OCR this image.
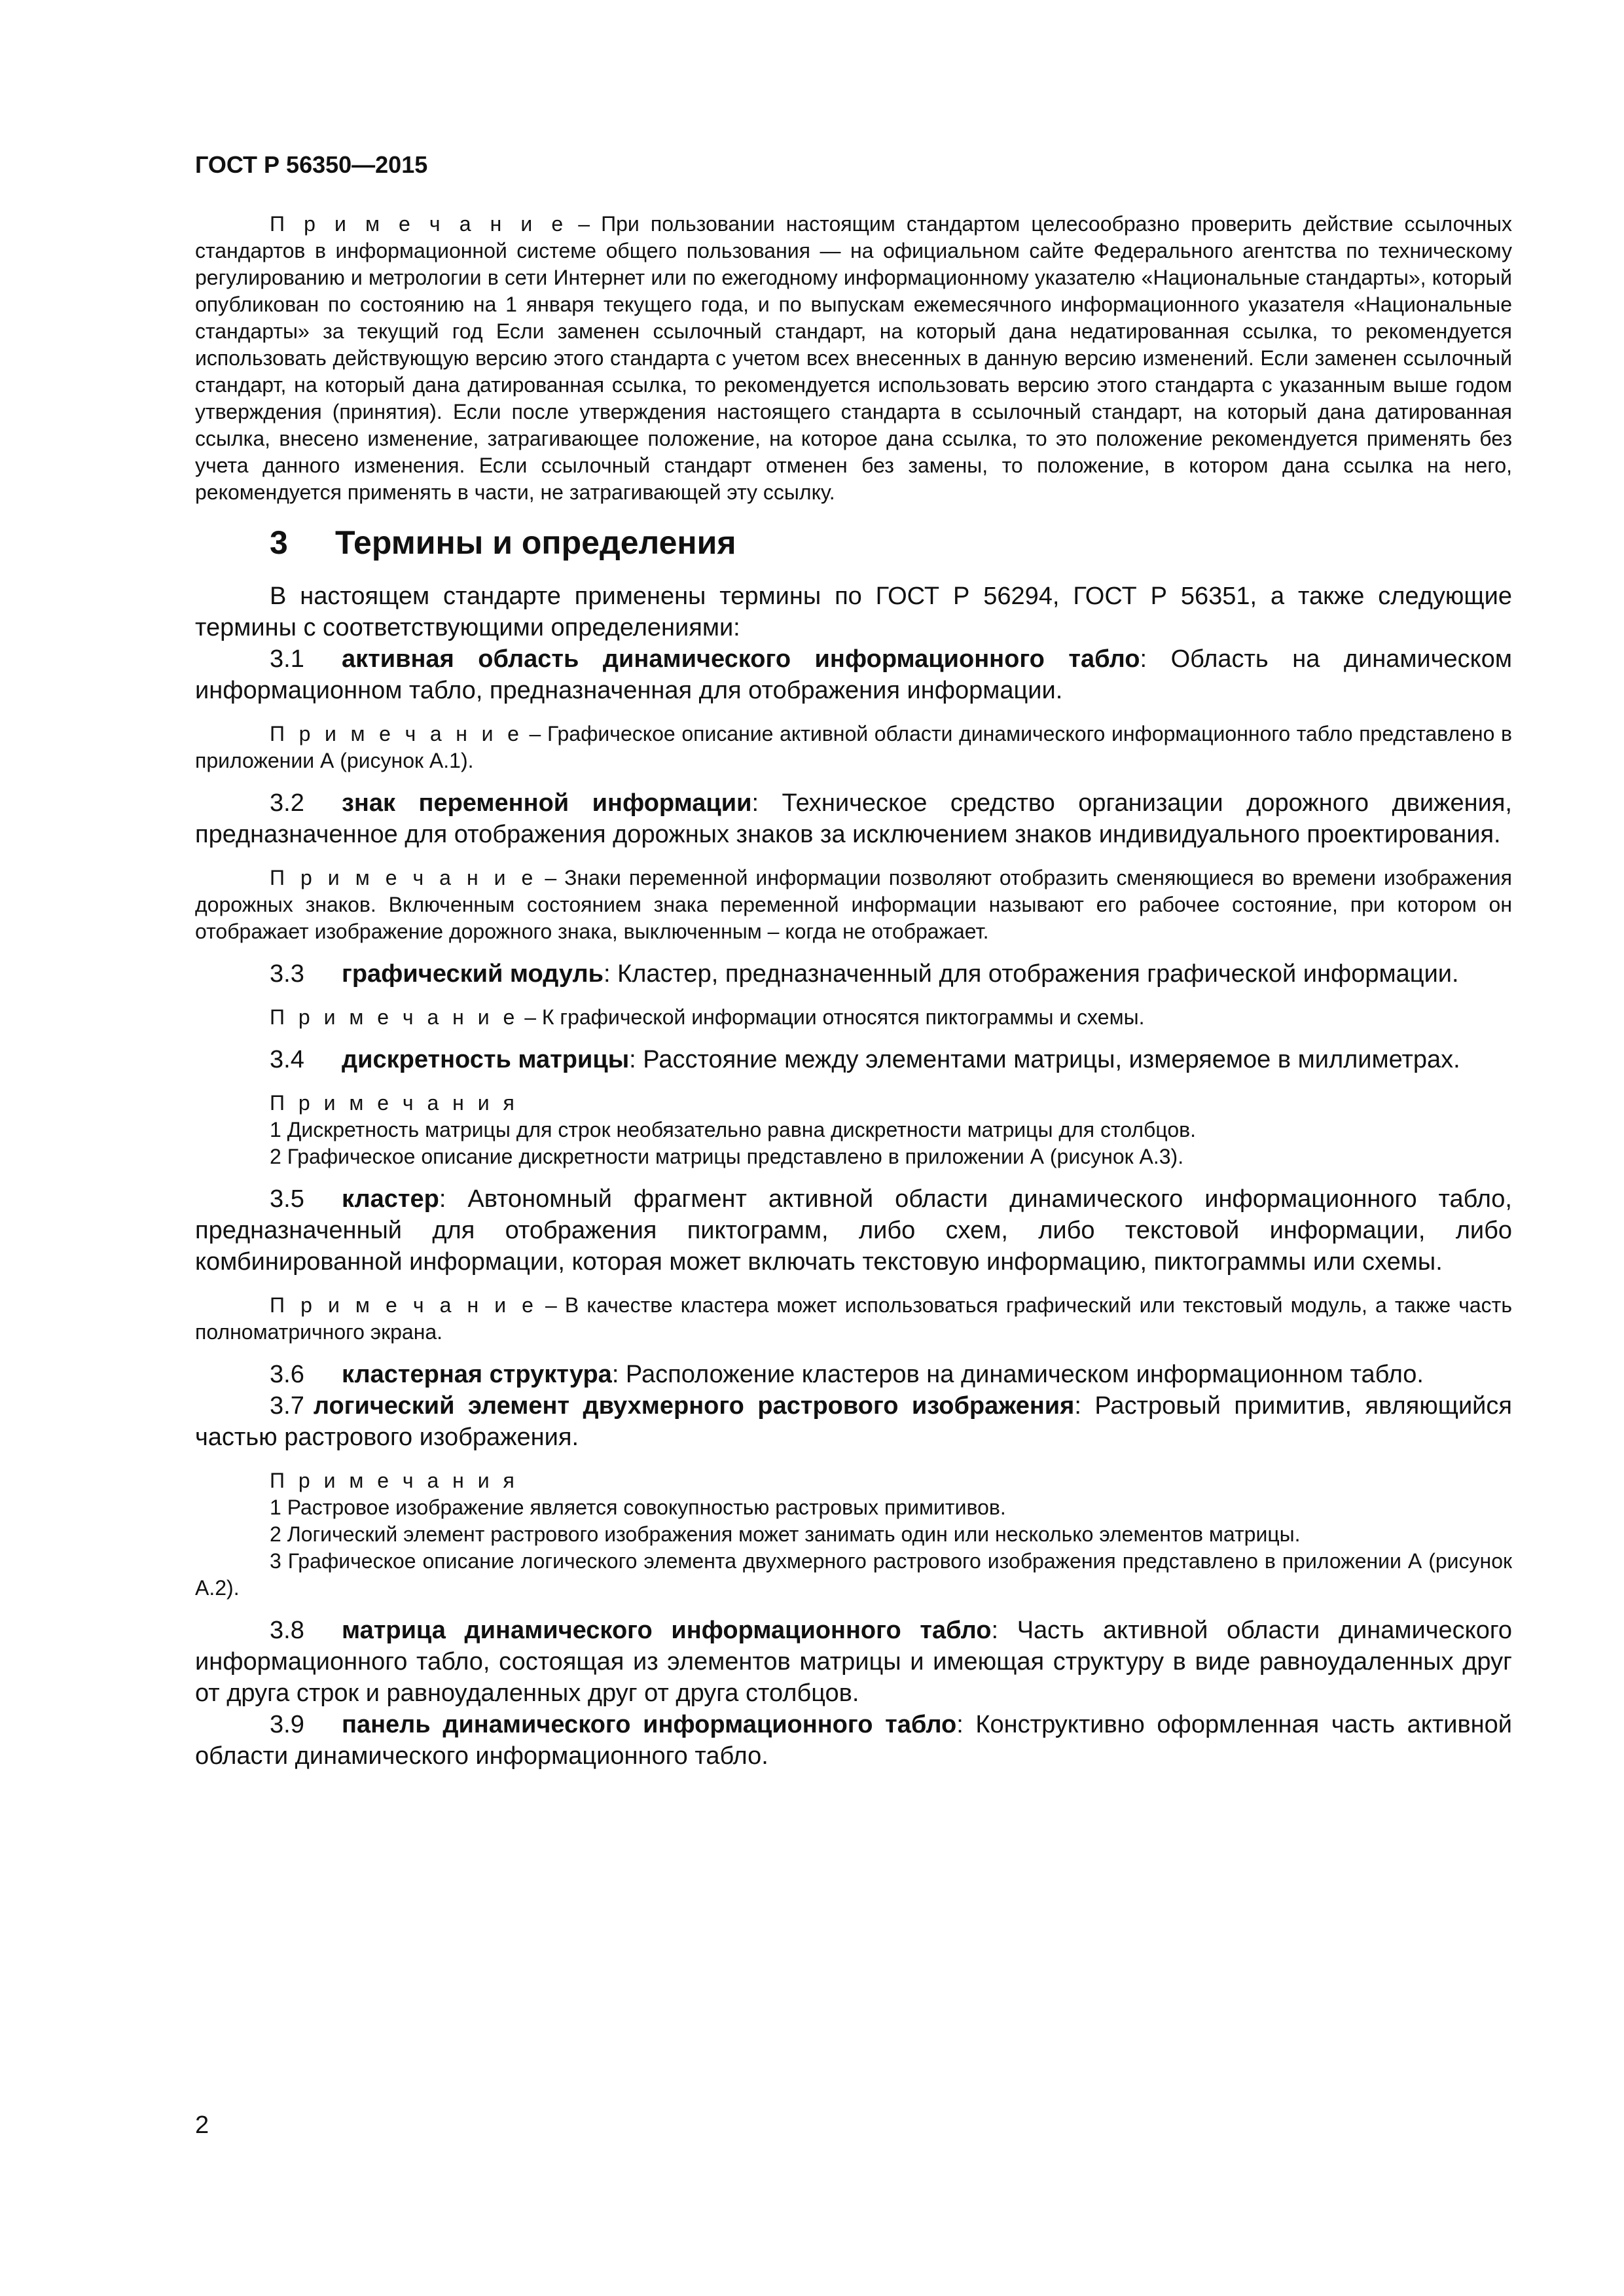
ГОСТ Р 56350—2015

П р и м е ч а н и е – При пользовании настоящим стандартом целесообразно проверить действие ссылочных стандартов в информационной системе общего пользования — на официальном сайте Федерального агентства по техническому регулированию и метрологии в сети Интернет или по ежегодному информационному указателю «Национальные стандарты», который опубликован по состоянию на 1 января текущего года, и по выпускам ежемесячного информационного указателя «Национальные стандарты» за текущий год Если заменен ссылочный стандарт, на который дана недатированная ссылка, то рекомендуется использовать действующую версию этого стандарта с учетом всех внесенных в данную версию изменений. Если заменен ссылочный стандарт, на который дана датированная ссылка, то рекомендуется использовать версию этого стандарта с указанным выше годом утверждения (принятия). Если после утверждения настоящего стандарта в ссылочный стандарт, на который дана датированная ссылка, внесено изменение, затрагивающее положение, на которое дана ссылка, то это положение рекомендуется применять без учета данного изменения. Если ссылочный стандарт отменен без замены, то положение, в котором дана ссылка на него, рекомендуется применять в части, не затрагивающей эту ссылку.

3 Термины и определения

В настоящем стандарте применены термины по ГОСТ Р 56294, ГОСТ Р 56351, а также следующие термины с соответствующими определениями:

3.1 активная область динамического информационного табло: Область на динамическом информационном табло, предназначенная для отображения информации.

П р и м е ч а н и е – Графическое описание активной области динамического информационного табло представлено в приложении А (рисунок А.1).

3.2 знак переменной информации: Техническое средство организации дорожного движения, предназначенное для отображения дорожных знаков за исключением знаков индивидуального проектирования.

П р и м е ч а н и е – Знаки переменной информации позволяют отобразить сменяющиеся во времени изображения дорожных знаков. Включенным состоянием знака переменной информации называют его рабочее состояние, при котором он отображает изображение дорожного знака, выключенным – когда не отображает.

3.3 графический модуль: Кластер, предназначенный для отображения графической информации.

П р и м е ч а н и е – К графической информации относятся пиктограммы и схемы.

3.4 дискретность матрицы: Расстояние между элементами матрицы, измеряемое в миллиметрах.

П р и м е ч а н и я

1 Дискретность матрицы для строк необязательно равна дискретности матрицы для столбцов.

2 Графическое описание дискретности матрицы представлено в приложении А (рисунок А.3).

3.5 кластер: Автономный фрагмент активной области динамического информационного табло, предназначенный для отображения пиктограмм, либо схем, либо текстовой информации, либо комбинированной информации, которая может включать текстовую информацию, пиктограммы или схемы.

П р и м е ч а н и е – В качестве кластера может использоваться графический или текстовый модуль, а также часть полноматричного экрана.

3.6 кластерная структура: Расположение кластеров на динамическом информационном табло.

3.7 логический элемент двухмерного растрового изображения: Растровый примитив, являющийся частью растрового изображения.

П р и м е ч а н и я

1 Растровое изображение является совокупностью растровых примитивов.

2 Логический элемент растрового изображения может занимать один или несколько элементов матрицы.

3 Графическое описание логического элемента двухмерного растрового изображения представлено в приложении А (рисунок А.2).

3.8 матрица динамического информационного табло: Часть активной области динамического информационного табло, состоящая из элементов матрицы и имеющая структуру в виде равноудаленных друг от друга строк и равноудаленных друг от друга столбцов.

3.9 панель динамического информационного табло: Конструктивно оформленная часть активной области динамического информационного табло.

2
